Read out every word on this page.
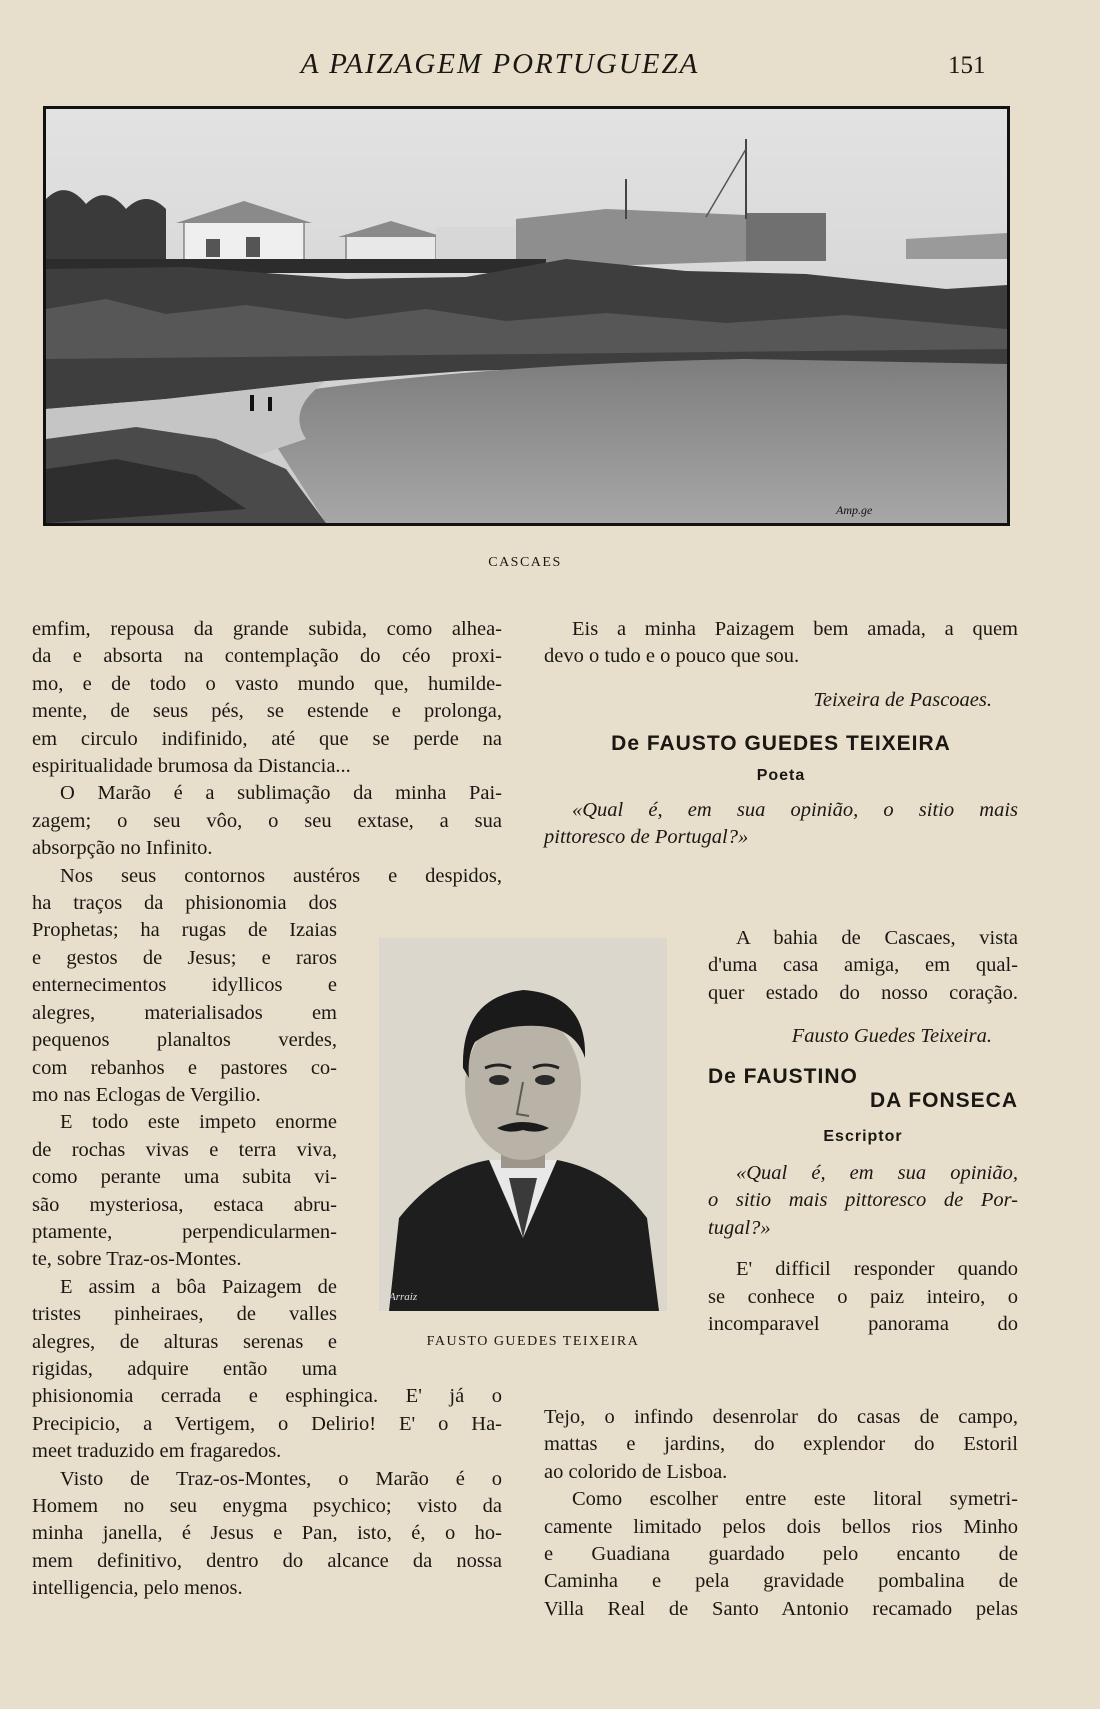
A PAIZAGEM PORTUGUEZA	151
Amp.ge
CASCAES

emfim, repousa da grande subida, como alhea-
da e absorta na contemplação do céo proxi-
mo, e de todo o vasto mundo que, humilde-
mente, de seus pés, se estende e prolonga,
em circulo indifinido, até que se perde na
espiritualidade brumosa da Distancia...

O Marão é a sublimação da minha Pai-
zagem; o seu vôo, o seu extase, a sua
absorpção no Infinito.

Nos seus contornos austéros e despidos,

ha traços da phisionomia dos
Prophetas; ha rugas de Izaias
e gestos de Jesus; e raros
enternecimentos idyllicos e
alegres, materialisados em
pequenos planaltos verdes,
com rebanhos e pastores co-
mo nas Eclogas de Vergilio.

E todo este impeto enorme
de rochas vivas e terra viva,
como perante uma subita vi-
são mysteriosa, estaca abru-
ptamente, perpendicularmen-
te, sobre Traz-os-Montes.

E assim a bôa Paizagem de
tristes pinheiraes, de valles
alegres, de alturas serenas e
rigidas, adquire então uma

phisionomia cerrada e esphingica. E' já o
Precipicio, a Vertigem, o Delirio! E' o Ha-
meet traduzido em fragaredos.

Visto de Traz-os-Montes, o Marão é o
Homem no seu enygma psychico; visto da
minha janella, é Jesus e Pan, isto, é, o ho-
mem definitivo, dentro do alcance da nossa
intelligencia, pelo menos.

Arraiz
FAUSTO GUEDES TEIXEIRA

Eis a minha Paizagem bem amada, a quem
devo o tudo e o pouco que sou.

Teixeira de Pascoaes.
De FAUSTO GUEDES TEIXEIRA
Poeta

«Qual é, em sua opinião, o sitio mais
pittoresco de Portugal?»

A bahia de Cascaes, vista
d'uma casa amiga, em qual-
quer estado do nosso coração.

Fausto Guedes Teixeira.
De FAUSTINO
DA FONSECA
Escriptor

«Qual é, em sua opinião,
o sitio mais pittoresco de Por-
tugal?»

E' difficil responder quando
se conhece o paiz inteiro, o
incomparavel panorama do

Tejo, o infindo desenrolar do casas de campo,
mattas e jardins, do explendor do Estoril
ao colorido de Lisboa.

Como escolher entre este litoral symetri-
camente limitado pelos dois bellos rios Minho
e Guadiana guardado pelo encanto de
Caminha e pela gravidade pombalina de
Villa Real de Santo Antonio recamado pelas
